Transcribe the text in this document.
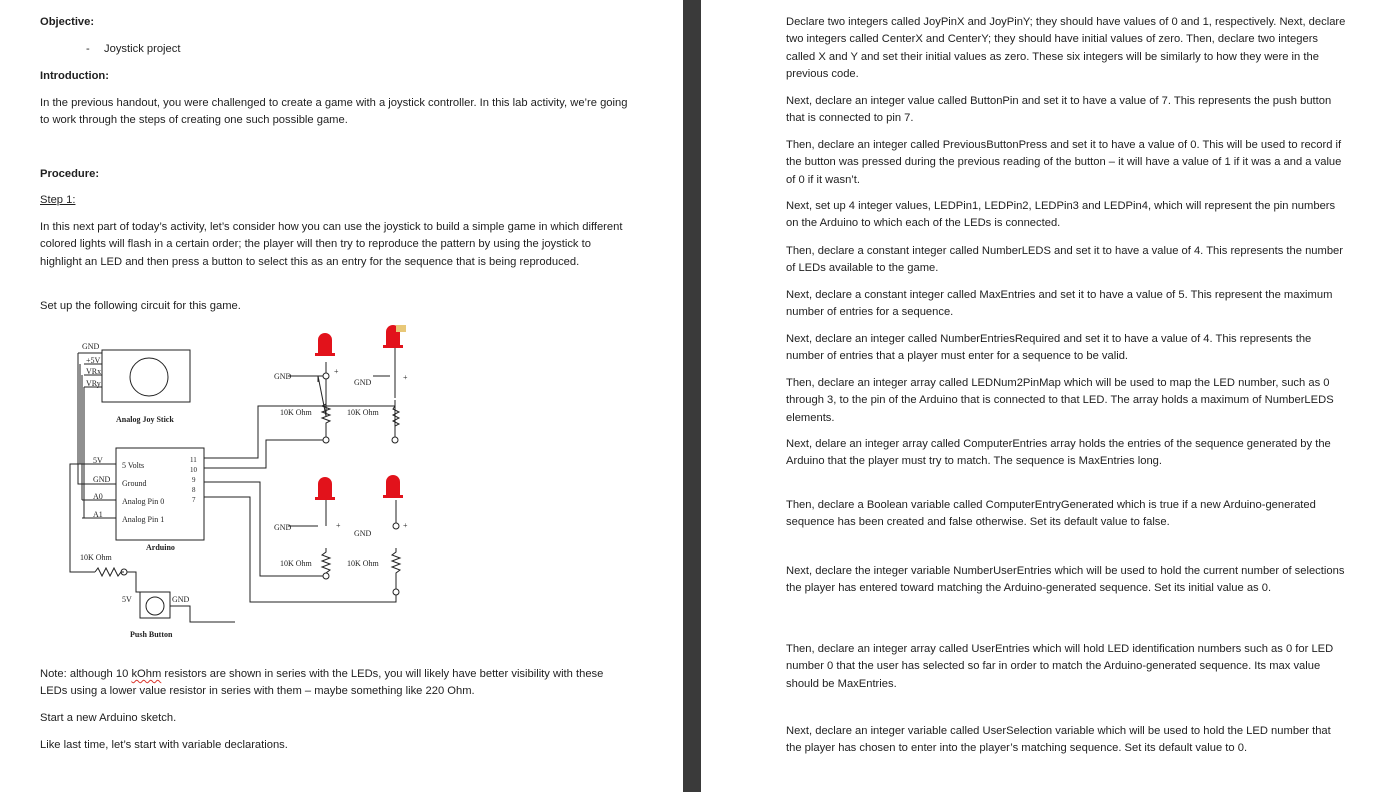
Objective:

- Joystick project

Introduction:

In the previous handout, you were challenged to create a game with a joystick controller. In this lab activity, we’re going to work through the steps of creating one such possible game.

Procedure:

Step 1:

In this next part of today’s activity, let’s consider how you can use the joystick to build a simple game in which different colored lights will flash in a certain order; the player will then try to reproduce the pattern by using the joystick to highlight an LED and then press a button to select this as an entry for the sequence that is being reproduced.

Set up the following circuit for this game.

GND
+5V
VRx
VRy
Analog Joy Stick
5V
GND
A0
A1
5 Volts
Ground
Analog Pin 0
Analog Pin 1
11
10
9
8
7
Arduino
10K Ohm
5V	GND
Push Button
GND
+
GND
+
10K Ohm	10K Ohm
GND	+
GND
+
10K Ohm	10K Ohm

Note: although 10 kOhm resistors are shown in series with the LEDs, you will likely have better visibility with these LEDs using a lower value resistor in series with them – maybe something like 220 Ohm.

Start a new Arduino sketch.

Like last time, let’s start with variable declarations.

Declare two integers called JoyPinX and JoyPinY; they should have values of 0 and 1, respectively. Next, declare two integers called CenterX and CenterY; they should have initial values of zero. Then, declare two integers called X and Y and set their initial values as zero. These six integers will be similarly to how they were in the previous code.

Next, declare an integer value called ButtonPin and set it to have a value of 7. This represents the push button that is connected to pin 7.

Then, declare an integer called PreviousButtonPress and set it to have a value of 0. This will be used to record if the button was pressed during the previous reading of the button – it will have a value of 1 if it was a and a value of 0 if it wasn’t.

Next, set up 4 integer values, LEDPin1, LEDPin2, LEDPin3 and LEDPin4, which will represent the pin numbers on the Arduino to which each of the LEDs is connected.

Then, declare a constant integer called NumberLEDS and set it to have a value of 4. This represents the number of LEDs available to the game.

Next, declare a constant integer called MaxEntries and set it to have a value of 5. This represent the maximum number of entries for a sequence.

Next, declare an integer called NumberEntriesRequired and set it to have a value of 4. This represents the number of entries that a player must enter for a sequence to be valid.

Then, declare an integer array called LEDNum2PinMap which will be used to map the LED number, such as 0 through 3, to the pin of the Arduino that is connected to that LED. The array holds a maximum of NumberLEDS elements.

Next, delare an integer array called ComputerEntries array holds the entries of the sequence generated by the Arduino that the player must try to match. The sequence is MaxEntries long.

Then, declare a Boolean variable called ComputerEntryGenerated which is true if a new Arduino-generated sequence has been created and false otherwise. Set its default value to false.

Next, declare the integer variable NumberUserEntries which will be used to hold the current number of selections the player has entered toward matching the Arduino-generated sequence. Set its initial value as 0.

Then, declare an integer array called UserEntries which will hold LED identification numbers such as 0 for LED number 0 that the user has selected so far in order to match the Arduino-generated sequence. Its max value should be MaxEntries.

Next, declare an integer variable called UserSelection variable which will be used to hold the LED number that the player has chosen to enter into the player’s matching sequence. Set its default value to 0.
